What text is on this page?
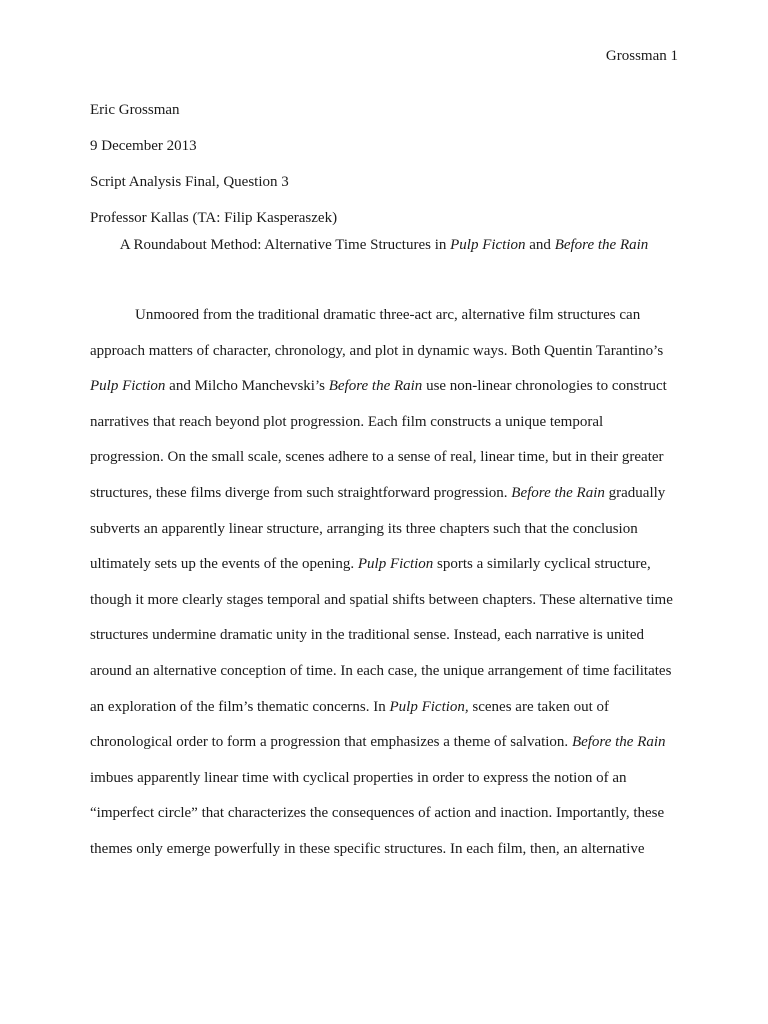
Grossman 1
Eric Grossman
9 December 2013
Script Analysis Final, Question 3
Professor Kallas (TA: Filip Kasperaszek)
A Roundabout Method: Alternative Time Structures in Pulp Fiction and Before the Rain
Unmoored from the traditional dramatic three-act arc, alternative film structures can
approach matters of character, chronology, and plot in dynamic ways. Both Quentin Tarantino’s
Pulp Fiction and Milcho Manchevski’s Before the Rain use non-linear chronologies to construct
narratives that reach beyond plot progression. Each film constructs a unique temporal
progression. On the small scale, scenes adhere to a sense of real, linear time, but in their greater
structures, these films diverge from such straightforward progression. Before the Rain gradually
subverts an apparently linear structure, arranging its three chapters such that the conclusion
ultimately sets up the events of the opening. Pulp Fiction sports a similarly cyclical structure,
though it more clearly stages temporal and spatial shifts between chapters. These alternative time
structures undermine dramatic unity in the traditional sense. Instead, each narrative is united
around an alternative conception of time. In each case, the unique arrangement of time facilitates
an exploration of the film’s thematic concerns. In Pulp Fiction, scenes are taken out of
chronological order to form a progression that emphasizes a theme of salvation. Before the Rain
imbues apparently linear time with cyclical properties in order to express the notion of an
“imperfect circle” that characterizes the consequences of action and inaction. Importantly, these
themes only emerge powerfully in these specific structures. In each film, then, an alternative
